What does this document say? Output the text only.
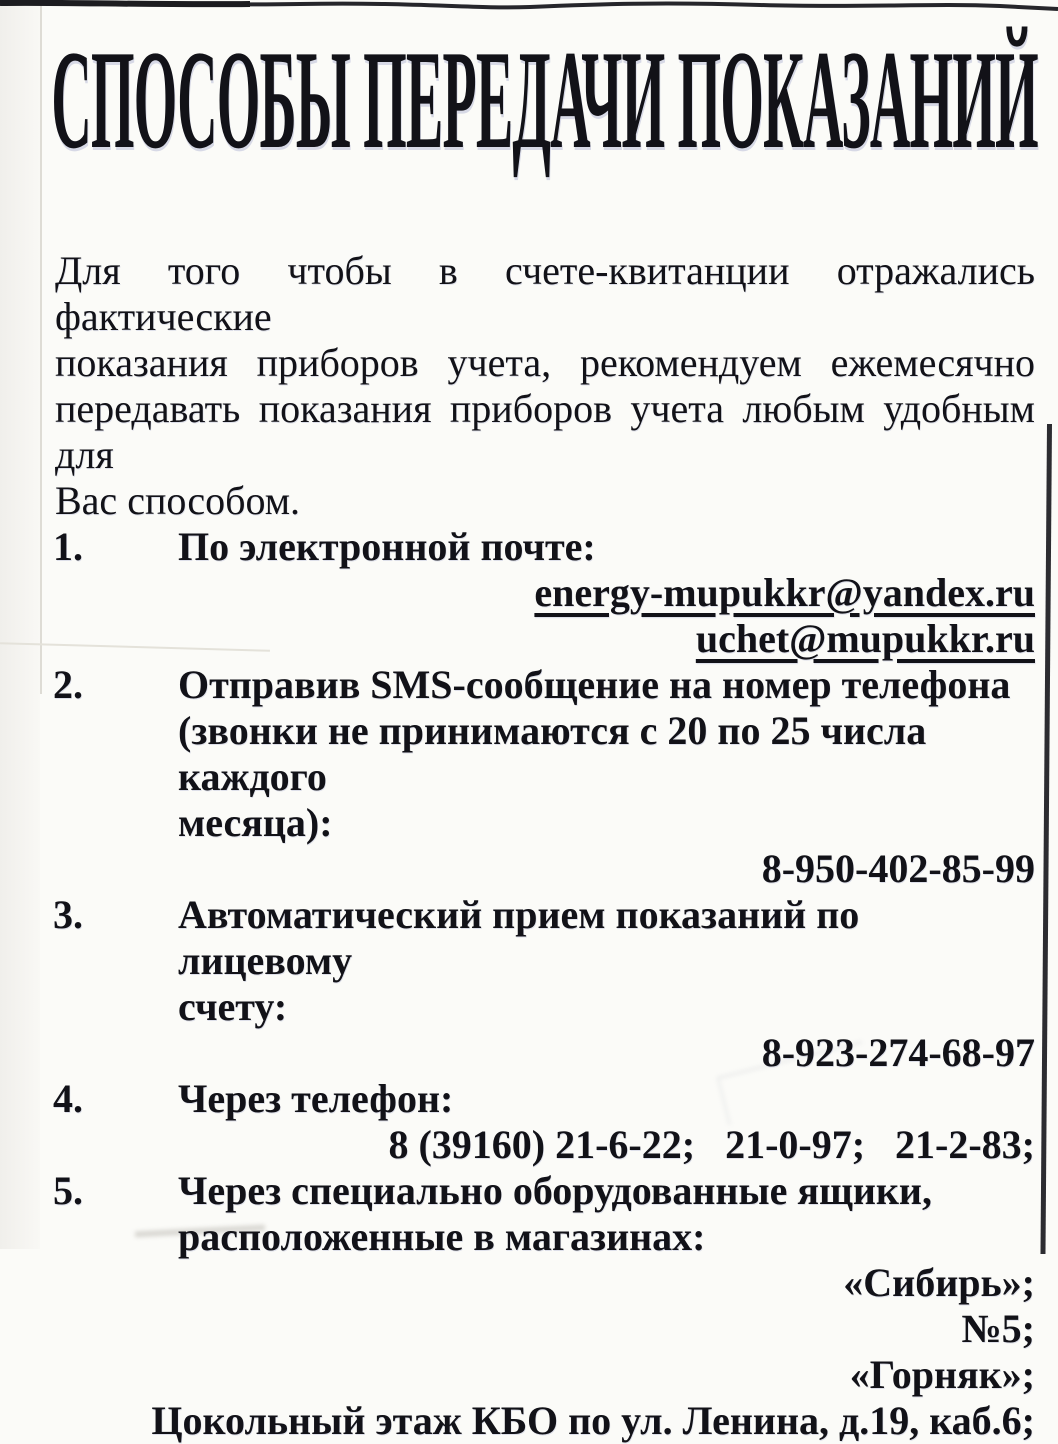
СПОСОБЫ ПЕРЕДАЧИ ПОКАЗАНИЙ
Для того чтобы в счете-квитанции отражались фактические
показания приборов учета, рекомендуем ежемесячно
передавать показания приборов учета любым удобным для
Вас способом.
1. По электронной почте:
energy-mupukkr@yandex.ru
uchet@mupukkr.ru
2. Отправив SMS-сообщение на номер телефона
(звонки не принимаются с 20 по 25 числа каждого
месяца):
8-950-402-85-99
3. Автоматический прием показаний по лицевому
счету:
8-923-274-68-97
4. Через телефон:
8 (39160) 21-6-22;   21-0-97;   21-2-83;
5. Через специально оборудованные ящики,
расположенные в магазинах:
«Сибирь»;
№5;
«Горняк»;
Цокольный этаж КБО по ул. Ленина, д.19, каб.6;
